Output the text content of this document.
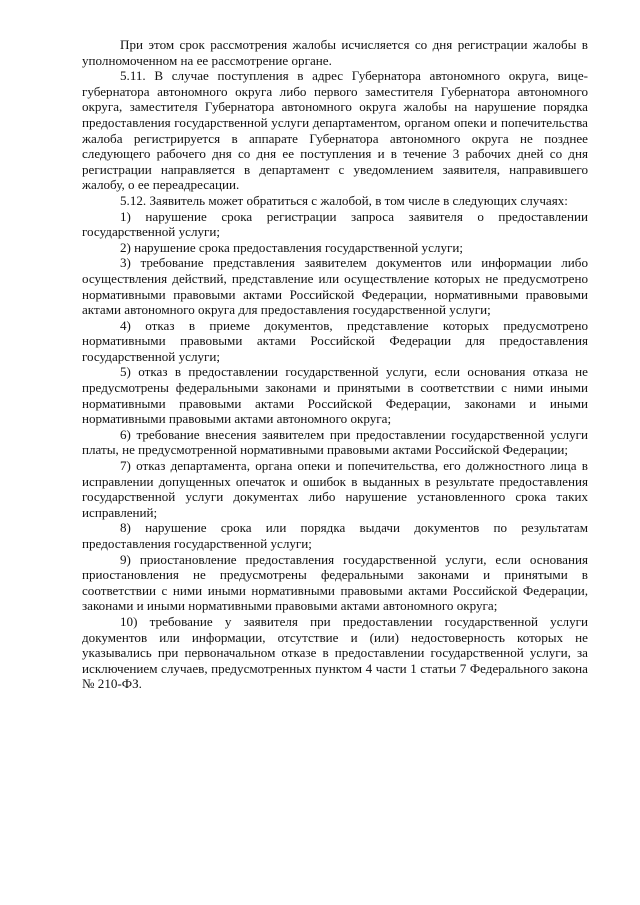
При этом срок рассмотрения жалобы исчисляется со дня регистрации жалобы в уполномоченном на ее рассмотрение органе.

5.11. В случае поступления в адрес Губернатора автономного округа, вице-губернатора автономного округа либо первого заместителя Губернатора автономного округа, заместителя Губернатора автономного округа жалобы на нарушение порядка предоставления государственной услуги департаментом, органом опеки и попечительства жалоба регистрируется в аппарате Губернатора автономного округа не позднее следующего рабочего дня со дня ее поступления и в течение 3 рабочих дней со дня регистрации направляется в департамент с уведомлением заявителя, направившего жалобу, о ее переадресации.

5.12. Заявитель может обратиться с жалобой, в том числе в следующих случаях:

1) нарушение срока регистрации запроса заявителя о предоставлении государственной услуги;

2) нарушение срока предоставления государственной услуги;

3) требование представления заявителем документов или информации либо осуществления действий, представление или осуществление которых не предусмотрено нормативными правовыми актами Российской Федерации, нормативными правовыми актами автономного округа для предоставления государственной услуги;

4) отказ в приеме документов, представление которых предусмотрено нормативными правовыми актами Российской Федерации для предоставления государственной услуги;

5) отказ в предоставлении государственной услуги, если основания отказа не предусмотрены федеральными законами и принятыми в соответствии с ними иными нормативными правовыми актами Российской Федерации, законами и иными нормативными правовыми актами автономного округа;

6) требование внесения заявителем при предоставлении государственной услуги платы, не предусмотренной нормативными правовыми актами Российской Федерации;

7) отказ департамента, органа опеки и попечительства, его должностного лица в исправлении допущенных опечаток и ошибок в выданных в результате предоставления государственной услуги документах либо нарушение установленного срока таких исправлений;

8) нарушение срока или порядка выдачи документов по результатам предоставления государственной услуги;

9) приостановление предоставления государственной услуги, если основания приостановления не предусмотрены федеральными законами и принятыми в соответствии с ними иными нормативными правовыми актами Российской Федерации, законами и иными нормативными правовыми актами автономного округа;

10) требование у заявителя при предоставлении государственной услуги документов или информации, отсутствие и (или) недостоверность которых не указывались при первоначальном отказе в предоставлении государственной услуги, за исключением случаев, предусмотренных пунктом 4 части 1 статьи 7 Федерального закона № 210-ФЗ.
